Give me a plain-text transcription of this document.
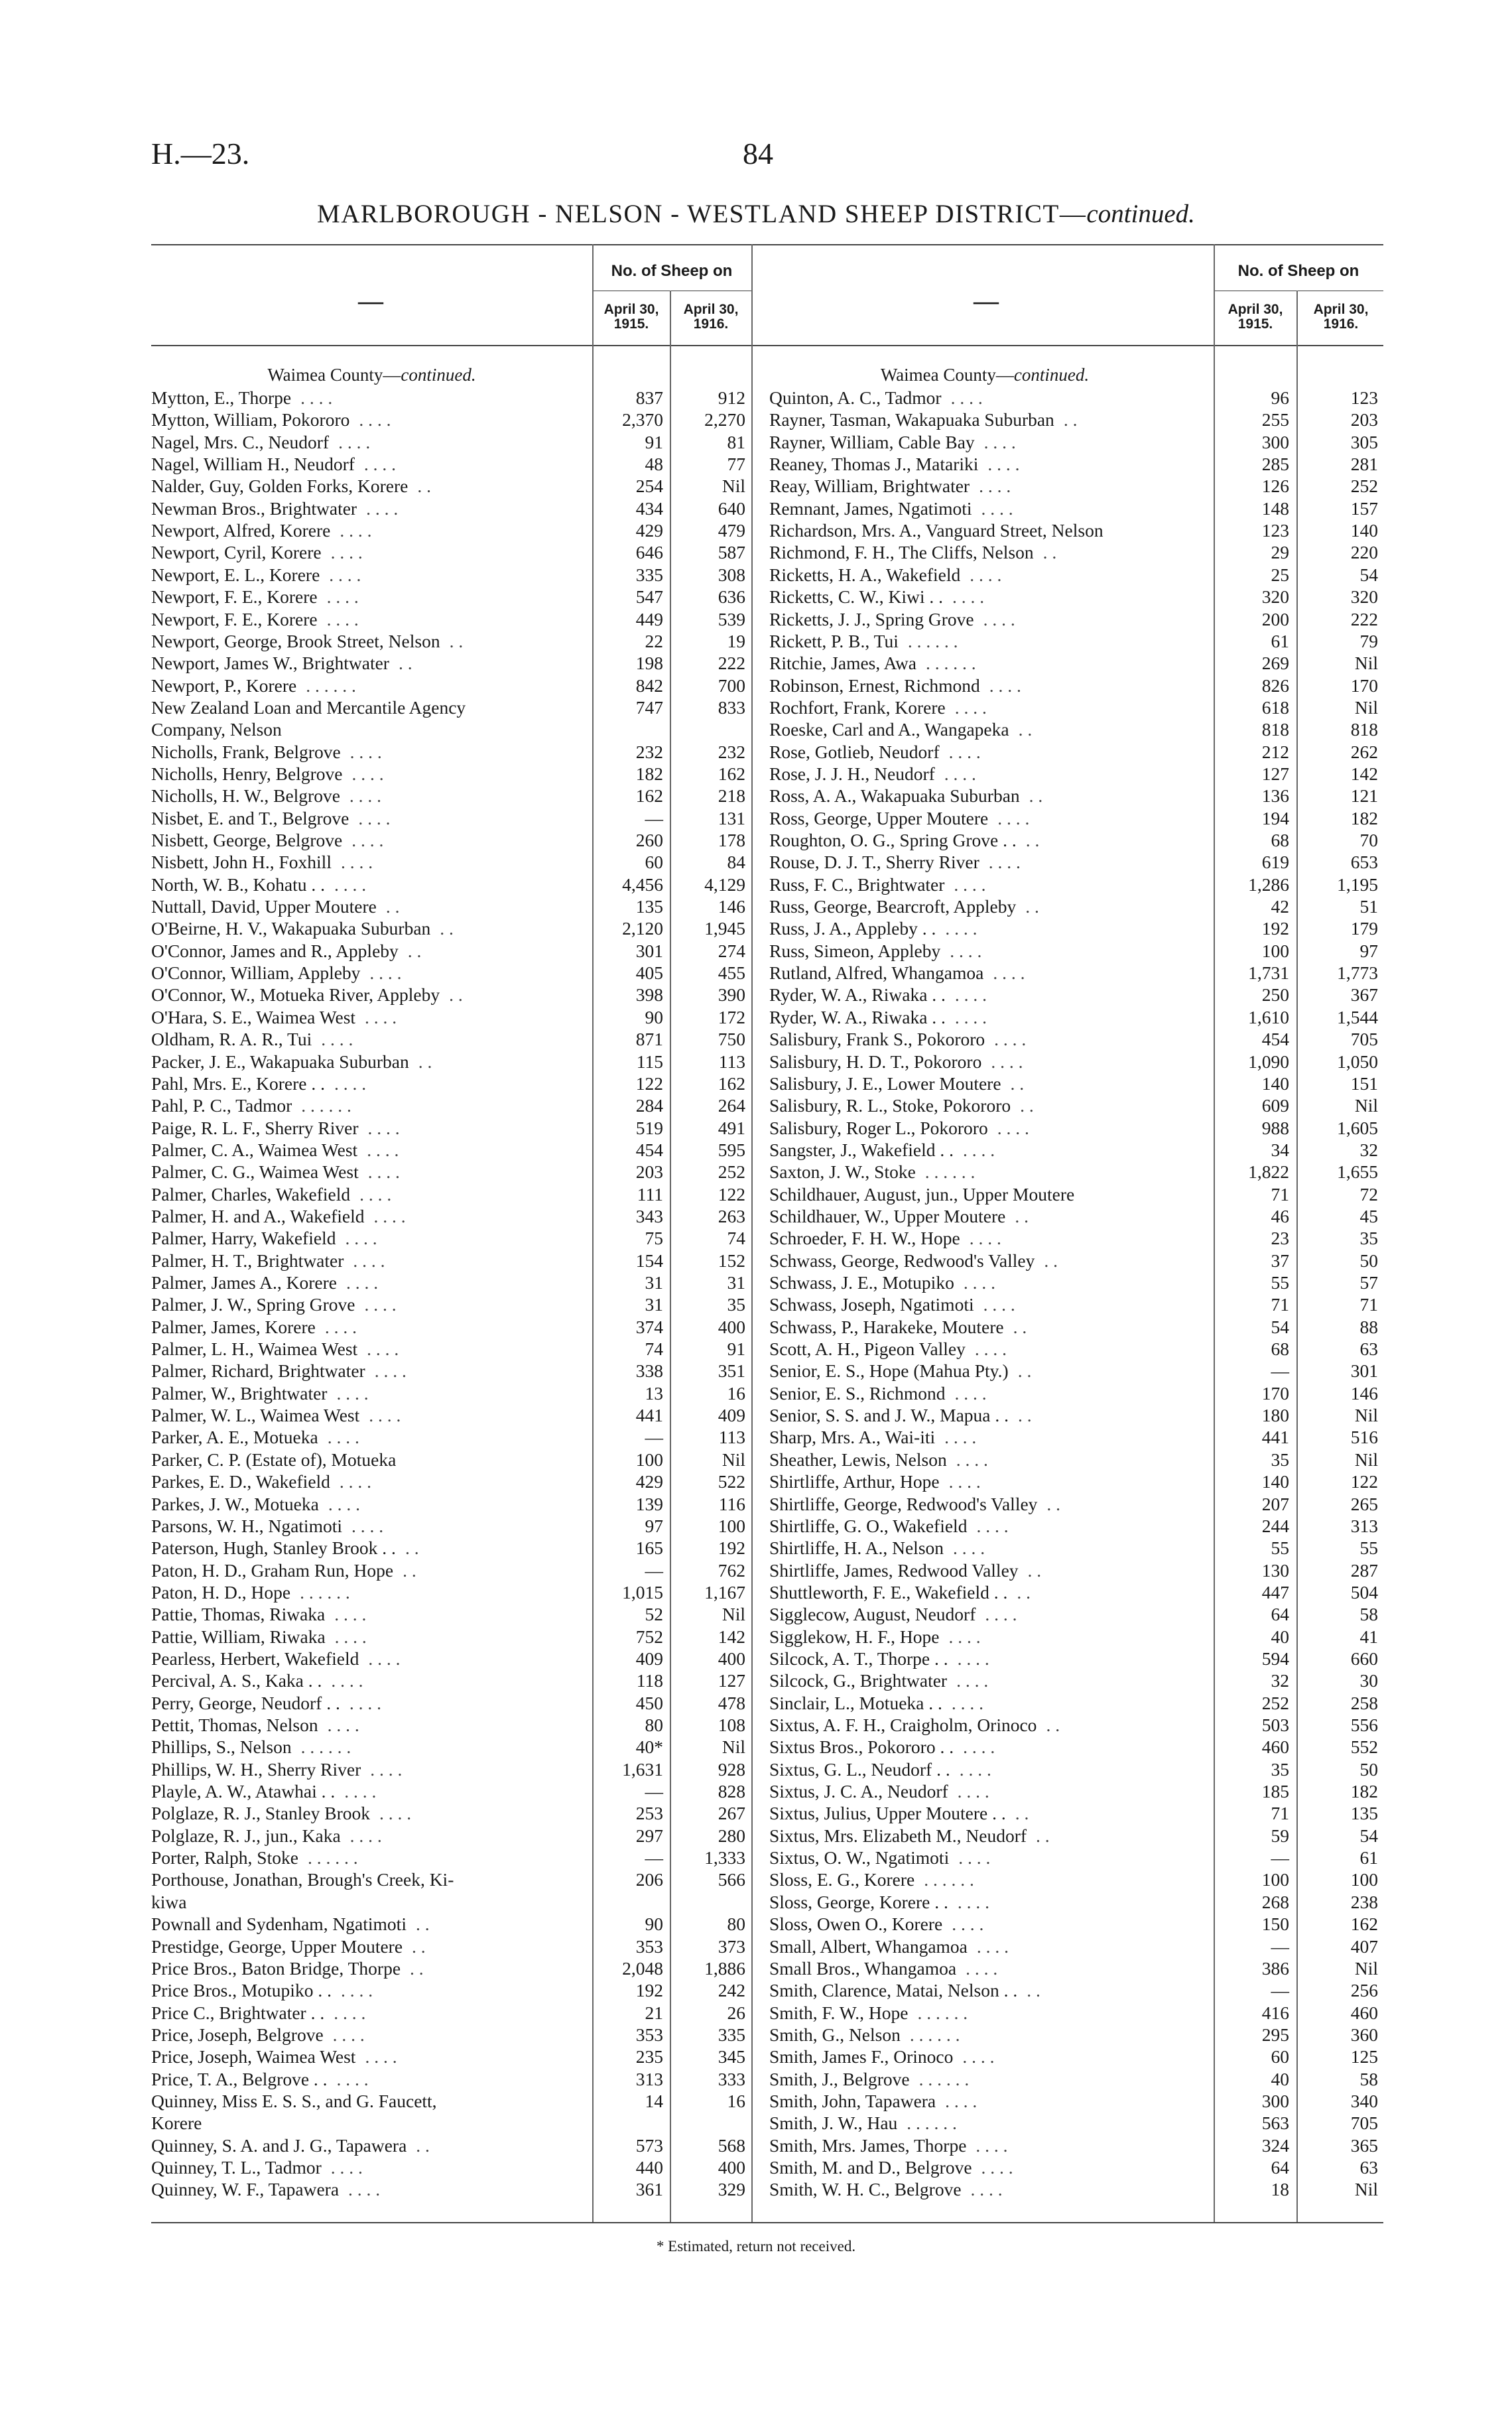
H.—23.	84
MARLBOROUGH - NELSON - WESTLAND SHEEP DISTRICT—continued.
—
No. of Sheep on
April 30, 1915.
April 30, 1916.
—
No. of Sheep on
April 30, 1915.
April 30, 1916.
Waimea County—continued.	Waimea County—continued.
Mytton, E., Thorpe . . . .	837	912
Mytton, William, Pokororo . . . .	2,370	2,270
Nagel, Mrs. C., Neudorf . . . .	91	81
Nagel, William H., Neudorf . . . .	48	77
Nalder, Guy, Golden Forks, Korere . .	254	Nil
Newman Bros., Brightwater . . . .	434	640
Newport, Alfred, Korere . . . .	429	479
Newport, Cyril, Korere . . . .	646	587
Newport, E. L., Korere . . . .	335	308
Newport, F. E., Korere . . . .	547	636
Newport, F. E., Korere . . . .	449	539
Newport, George, Brook Street, Nelson . .	22	19
Newport, James W., Brightwater . .	198	222
Newport, P., Korere . . . . . .	842	700
New Zealand Loan and Mercantile Agency	747	833
Company, Nelson
Nicholls, Frank, Belgrove . . . .	232	232
Nicholls, Henry, Belgrove . . . .	182	162
Nicholls, H. W., Belgrove . . . .	162	218
Nisbet, E. and T., Belgrove . . . .	—	131
Nisbett, George, Belgrove . . . .	260	178
Nisbett, John H., Foxhill . . . .	60	84
North, W. B., Kohatu . . . . . .	4,456	4,129
Nuttall, David, Upper Moutere . .	135	146
O'Beirne, H. V., Wakapuaka Suburban . .	2,120	1,945
O'Connor, James and R., Appleby . .	301	274
O'Connor, William, Appleby . . . .	405	455
O'Connor, W., Motueka River, Appleby . .	398	390
O'Hara, S. E., Waimea West . . . .	90	172
Oldham, R. A. R., Tui . . . .	871	750
Packer, J. E., Wakapuaka Suburban . .	115	113
Pahl, Mrs. E., Korere . . . . . .	122	162
Pahl, P. C., Tadmor . . . . . .	284	264
Paige, R. L. F., Sherry River . . . .	519	491
Palmer, C. A., Waimea West . . . .	454	595
Palmer, C. G., Waimea West . . . .	203	252
Palmer, Charles, Wakefield . . . .	111	122
Palmer, H. and A., Wakefield . . . .	343	263
Palmer, Harry, Wakefield . . . .	75	74
Palmer, H. T., Brightwater . . . .	154	152
Palmer, James A., Korere . . . .	31	31
Palmer, J. W., Spring Grove . . . .	31	35
Palmer, James, Korere . . . .	374	400
Palmer, L. H., Waimea West . . . .	74	91
Palmer, Richard, Brightwater . . . .	338	351
Palmer, W., Brightwater . . . .	13	16
Palmer, W. L., Waimea West . . . .	441	409
Parker, A. E., Motueka . . . .	—	113
Parker, C. P. (Estate of), Motueka	100	Nil
Parkes, E. D., Wakefield . . . .	429	522
Parkes, J. W., Motueka . . . .	139	116
Parsons, W. H., Ngatimoti . . . .	97	100
Paterson, Hugh, Stanley Brook . . . .	165	192
Paton, H. D., Graham Run, Hope . .	—	762
Paton, H. D., Hope . . . . . .	1,015	1,167
Pattie, Thomas, Riwaka . . . .	52	Nil
Pattie, William, Riwaka . . . .	752	142
Pearless, Herbert, Wakefield . . . .	409	400
Percival, A. S., Kaka . . . . . .	118	127
Perry, George, Neudorf . . . . . .	450	478
Pettit, Thomas, Nelson . . . .	80	108
Phillips, S., Nelson . . . . . .	40*	Nil
Phillips, W. H., Sherry River . . . .	1,631	928
Playle, A. W., Atawhai . . . . . .	—	828
Polglaze, R. J., Stanley Brook . . . .	253	267
Polglaze, R. J., jun., Kaka . . . .	297	280
Porter, Ralph, Stoke . . . . . .	—	1,333
Porthouse, Jonathan, Brough's Creek, Ki-	206	566
kiwa
Pownall and Sydenham, Ngatimoti . .	90	80
Prestidge, George, Upper Moutere . .	353	373
Price Bros., Baton Bridge, Thorpe . .	2,048	1,886
Price Bros., Motupiko . . . . . .	192	242
Price C., Brightwater . . . . . .	21	26
Price, Joseph, Belgrove . . . .	353	335
Price, Joseph, Waimea West . . . .	235	345
Price, T. A., Belgrove . . . . . .	313	333
Quinney, Miss E. S. S., and G. Faucett,	14	16
Korere
Quinney, S. A. and J. G., Tapawera . .	573	568
Quinney, T. L., Tadmor . . . .	440	400
Quinney, W. F., Tapawera . . . .	361	329
Quinton, A. C., Tadmor . . . .	96	123
Rayner, Tasman, Wakapuaka Suburban . .	255	203
Rayner, William, Cable Bay . . . .	300	305
Reaney, Thomas J., Matariki . . . .	285	281
Reay, William, Brightwater . . . .	126	252
Remnant, James, Ngatimoti . . . .	148	157
Richardson, Mrs. A., Vanguard Street, Nelson	123	140
Richmond, F. H., The Cliffs, Nelson . .	29	220
Ricketts, H. A., Wakefield . . . .	25	54
Ricketts, C. W., Kiwi . . . . . .	320	320
Ricketts, J. J., Spring Grove . . . .	200	222
Rickett, P. B., Tui . . . . . .	61	79
Ritchie, James, Awa . . . . . .	269	Nil
Robinson, Ernest, Richmond . . . .	826	170
Rochfort, Frank, Korere . . . .	618	Nil
Roeske, Carl and A., Wangapeka . .	818	818
Rose, Gotlieb, Neudorf . . . .	212	262
Rose, J. J. H., Neudorf . . . .	127	142
Ross, A. A., Wakapuaka Suburban . .	136	121
Ross, George, Upper Moutere . . . .	194	182
Roughton, O. G., Spring Grove . . . .	68	70
Rouse, D. J. T., Sherry River . . . .	619	653
Russ, F. C., Brightwater . . . .	1,286	1,195
Russ, George, Bearcroft, Appleby . .	42	51
Russ, J. A., Appleby . . . . . .	192	179
Russ, Simeon, Appleby . . . .	100	97
Rutland, Alfred, Whangamoa . . . .	1,731	1,773
Ryder, W. A., Riwaka . . . . . .	250	367
Ryder, W. A., Riwaka . . . . . .	1,610	1,544
Salisbury, Frank S., Pokororo . . . .	454	705
Salisbury, H. D. T., Pokororo . . . .	1,090	1,050
Salisbury, J. E., Lower Moutere . .	140	151
Salisbury, R. L., Stoke, Pokororo . .	609	Nil
Salisbury, Roger L., Pokororo . . . .	988	1,605
Sangster, J., Wakefield . . . . . .	34	32
Saxton, J. W., Stoke . . . . . .	1,822	1,655
Schildhauer, August, jun., Upper Moutere	71	72
Schildhauer, W., Upper Moutere . .	46	45
Schroeder, F. H. W., Hope . . . .	23	35
Schwass, George, Redwood's Valley . .	37	50
Schwass, J. E., Motupiko . . . .	55	57
Schwass, Joseph, Ngatimoti . . . .	71	71
Schwass, P., Harakeke, Moutere . .	54	88
Scott, A. H., Pigeon Valley . . . .	68	63
Senior, E. S., Hope (Mahua Pty.) . .	—	301
Senior, E. S., Richmond . . . .	170	146
Senior, S. S. and J. W., Mapua . . . .	180	Nil
Sharp, Mrs. A., Wai-iti . . . .	441	516
Sheather, Lewis, Nelson . . . .	35	Nil
Shirtliffe, Arthur, Hope . . . .	140	122
Shirtliffe, George, Redwood's Valley . .	207	265
Shirtliffe, G. O., Wakefield . . . .	244	313
Shirtliffe, H. A., Nelson . . . .	55	55
Shirtliffe, James, Redwood Valley . .	130	287
Shuttleworth, F. E., Wakefield . . . .	447	504
Sigglecow, August, Neudorf . . . .	64	58
Sigglekow, H. F., Hope . . . .	40	41
Silcock, A. T., Thorpe . . . . . .	594	660
Silcock, G., Brightwater . . . .	32	30
Sinclair, L., Motueka . . . . . .	252	258
Sixtus, A. F. H., Craigholm, Orinoco . .	503	556
Sixtus Bros., Pokororo . . . . . .	460	552
Sixtus, G. L., Neudorf . . . . . .	35	50
Sixtus, J. C. A., Neudorf . . . .	185	182
Sixtus, Julius, Upper Moutere . . . .	71	135
Sixtus, Mrs. Elizabeth M., Neudorf . .	59	54
Sixtus, O. W., Ngatimoti . . . .	—	61
Sloss, E. G., Korere . . . . . .	100	100
Sloss, George, Korere . . . . . .	268	238
Sloss, Owen O., Korere . . . .	150	162
Small, Albert, Whangamoa . . . .	—	407
Small Bros., Whangamoa . . . .	386	Nil
Smith, Clarence, Matai, Nelson . . . .	—	256
Smith, F. W., Hope . . . . . .	416	460
Smith, G., Nelson . . . . . .	295	360
Smith, James F., Orinoco . . . .	60	125
Smith, J., Belgrove . . . . . .	40	58
Smith, John, Tapawera . . . .	300	340
Smith, J. W., Hau . . . . . .	563	705
Smith, Mrs. James, Thorpe . . . .	324	365
Smith, M. and D., Belgrove . . . .	64	63
Smith, W. H. C., Belgrove . . . .	18	Nil
* Estimated, return not received.
